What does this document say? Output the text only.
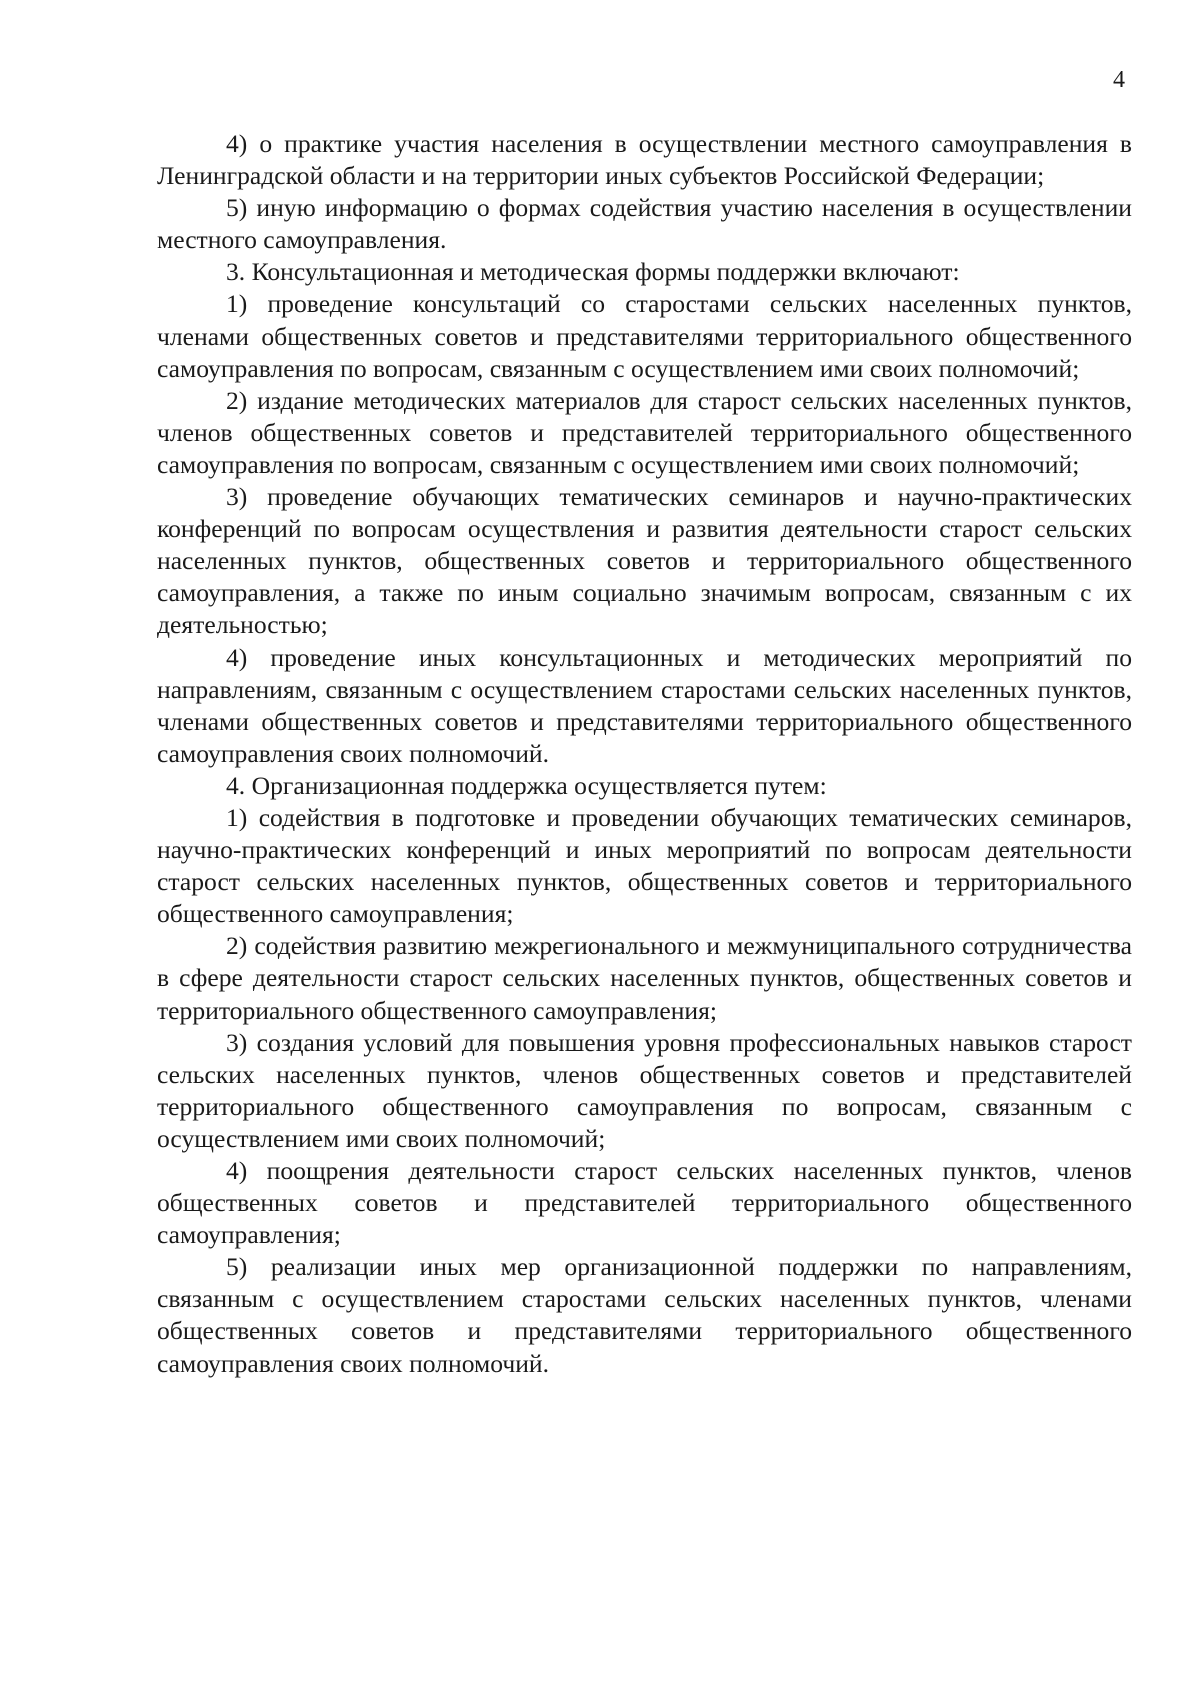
4

4) о практике участия населения в осуществлении местного самоуправления в Ленинградской области и на территории иных субъектов Российской Федерации;

5) иную информацию о формах содействия участию населения в осуществлении местного самоуправления.

3. Консультационная и методическая формы поддержки включают:

1) проведение консультаций со старостами сельских населенных пунктов, членами общественных советов и представителями территориального общественного самоуправления по вопросам, связанным с осуществлением ими своих полномочий;

2) издание методических материалов для старост сельских населенных пунктов, членов общественных советов и представителей территориального общественного самоуправления по вопросам, связанным с осуществлением ими своих полномочий;

3) проведение обучающих тематических семинаров и научно-практических конференций по вопросам осуществления и развития деятельности старост сельских населенных пунктов, общественных советов и территориального общественного самоуправления, а также по иным социально значимым вопросам, связанным с их деятельностью;

4) проведение иных консультационных и методических мероприятий по направлениям, связанным с осуществлением старостами сельских населенных пунктов, членами общественных советов и представителями территориального общественного самоуправления своих полномочий.

4. Организационная поддержка осуществляется путем:

1) содействия в подготовке и проведении обучающих тематических семинаров, научно-практических конференций и иных мероприятий по вопросам деятельности старост сельских населенных пунктов, общественных советов и территориального общественного самоуправления;

2) содействия развитию межрегионального и межмуниципального сотрудничества в сфере деятельности старост сельских населенных пунктов, общественных советов и территориального общественного самоуправления;

3) создания условий для повышения уровня профессиональных навыков старост сельских населенных пунктов, членов общественных советов и представителей территориального общественного самоуправления по вопросам, связанным с осуществлением ими своих полномочий;

4) поощрения деятельности старост сельских населенных пунктов, членов общественных советов и представителей территориального общественного самоуправления;

5) реализации иных мер организационной поддержки по направлениям, связанным с осуществлением старостами сельских населенных пунктов, членами общественных советов и представителями территориального общественного самоуправления своих полномочий.
